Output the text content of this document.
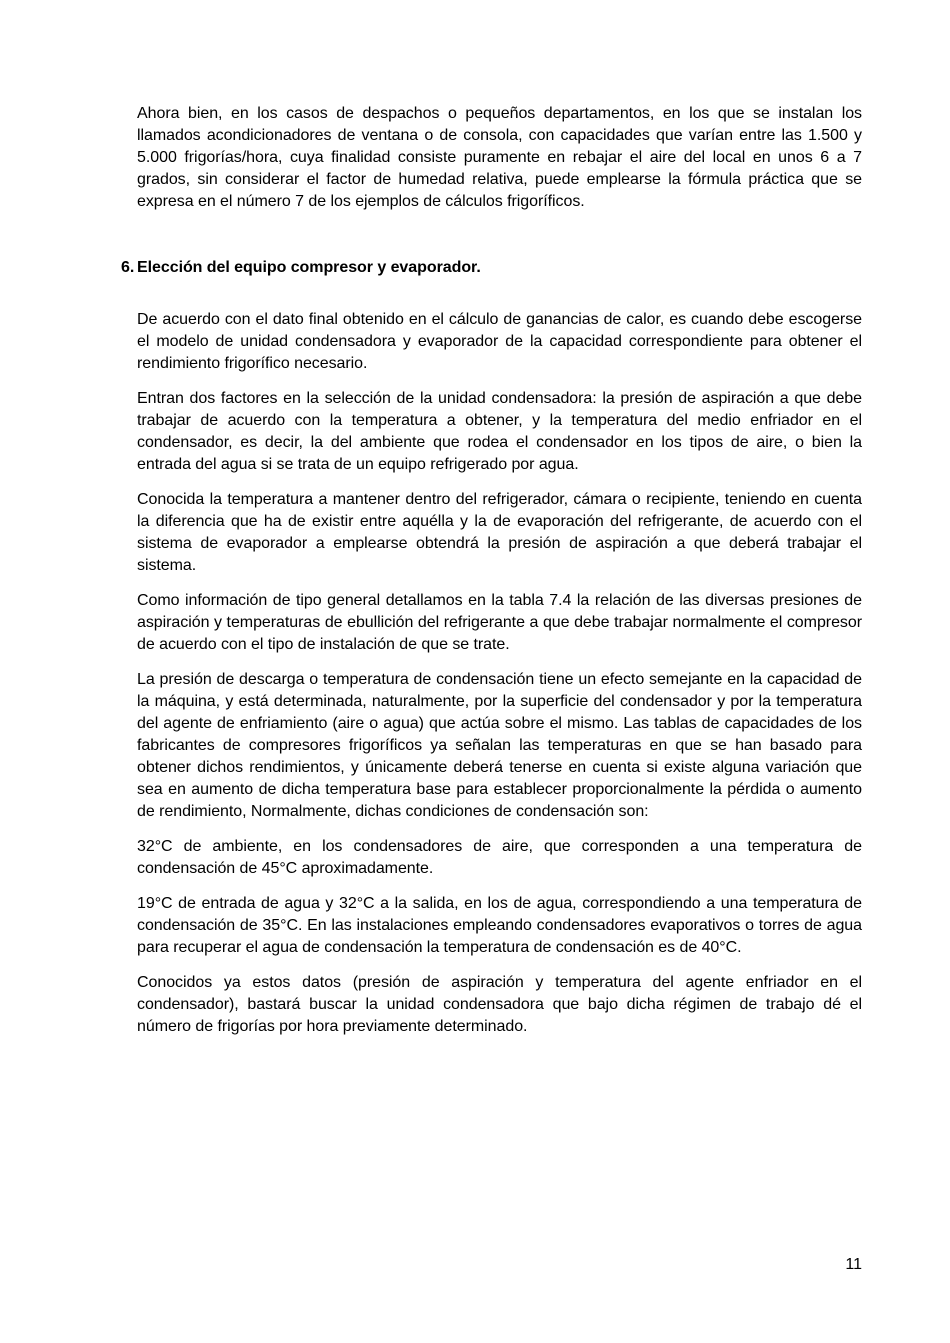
Ahora bien, en los casos de despachos o pequeños departamentos, en los que se instalan los llamados acondicionadores de ventana o de consola, con capacidades que varían entre las 1.500 y 5.000 frigorías/hora, cuya finalidad consiste puramente en rebajar el aire del local en unos 6 a 7 grados, sin considerar el factor de humedad relativa, puede emplearse la fórmula práctica que se expresa en el número 7 de los ejemplos de cálculos frigoríficos.

6. Elección del equipo compresor y evaporador.

De acuerdo con el dato final obtenido en el cálculo de ganancias de calor, es cuando debe escogerse el modelo de unidad condensadora y evaporador de la capacidad correspondiente para obtener el rendimiento frigorífico necesario.

Entran dos factores en la selección de la unidad condensadora: la presión de aspiración a que debe trabajar de acuerdo con la temperatura a obtener, y la temperatura del medio enfriador en el condensador, es decir, la del ambiente que rodea el condensador en los tipos de aire, o bien la entrada del agua si se trata de un equipo refrigerado por agua.

Conocida la temperatura a mantener dentro del refrigerador, cámara o recipiente, teniendo en cuenta la diferencia que ha de existir entre aquélla y la de evaporación del refrigerante, de acuerdo con el sistema de evaporador a emplearse obtendrá la presión de aspiración a que deberá trabajar el sistema.

Como información de tipo general detallamos en la tabla 7.4 la relación de las diversas presiones de aspiración y temperaturas de ebullición del refrigerante a que debe trabajar normalmente el compresor de acuerdo con el tipo de instalación de que se trate.

La presión de descarga o temperatura de condensación tiene un efecto semejante en la capacidad de la máquina, y está determinada, naturalmente, por la superficie del condensador y por la temperatura del agente de enfriamiento (aire o agua) que actúa sobre el mismo. Las tablas de capacidades de los fabricantes de compresores frigoríficos ya señalan las temperaturas en que se han basado para obtener dichos rendimientos, y únicamente deberá tenerse en cuenta si existe alguna variación que sea en aumento de dicha temperatura base para establecer proporcionalmente la pérdida o aumento de rendimiento, Normalmente, dichas condiciones de condensación son:

32°C de ambiente, en los condensadores de aire, que corresponden a una temperatura de condensación de 45°C aproximadamente.

19°C de entrada de agua y 32°C a la salida, en los de agua, correspondiendo a una temperatura de condensación de 35°C. En las instalaciones empleando condensadores evaporativos o torres de agua para recuperar el agua de condensación la temperatura de condensación es de 40°C.

Conocidos ya estos datos (presión de aspiración y temperatura del agente enfriador en el condensador), bastará buscar la unidad condensadora que bajo dicha régimen de trabajo dé el número de frigorías por hora previamente determinado.

11
